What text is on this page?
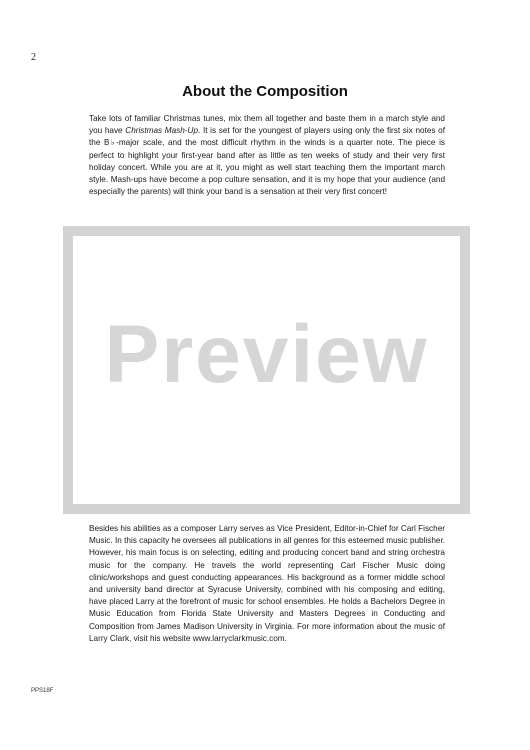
2
About the Composition

Take lots of familiar Christmas tunes, mix them all together and baste them in a march style and you have Christmas Mash-Up. It is set for the youngest of players using only the first six notes of the B♭-major scale, and the most difficult rhythm in the winds is a quarter note. The piece is perfect to highlight your first-year band after as little as ten weeks of study and their very first holiday concert. While you are at it, you might as well start teaching them the important march style. Mash-ups have become a pop culture sensation, and it is my hope that your audience (and especially the parents) will think your band is a sensation at their very first concert!

Preview

Besides his abilities as a composer Larry serves as Vice President, Editor-in-Chief for Carl Fischer Music. In this capacity he oversees all publications in all genres for this esteemed music publisher. However, his main focus is on selecting, editing and producing concert band and string orchestra music for the company. He travels the world representing Carl Fischer Music doing clinic/workshops and guest conducting appearances. His background as a former middle school and university band director at Syracuse University, combined with his composing and editing, have placed Larry at the forefront of music for school ensembles. He holds a Bachelors Degree in Music Education from Florida State University and Masters Degrees in Conducting and Composition from James Madison University in Virginia. For more information about the music of Larry Clark, visit his website www.larryclarkmusic.com.

PPS18F
